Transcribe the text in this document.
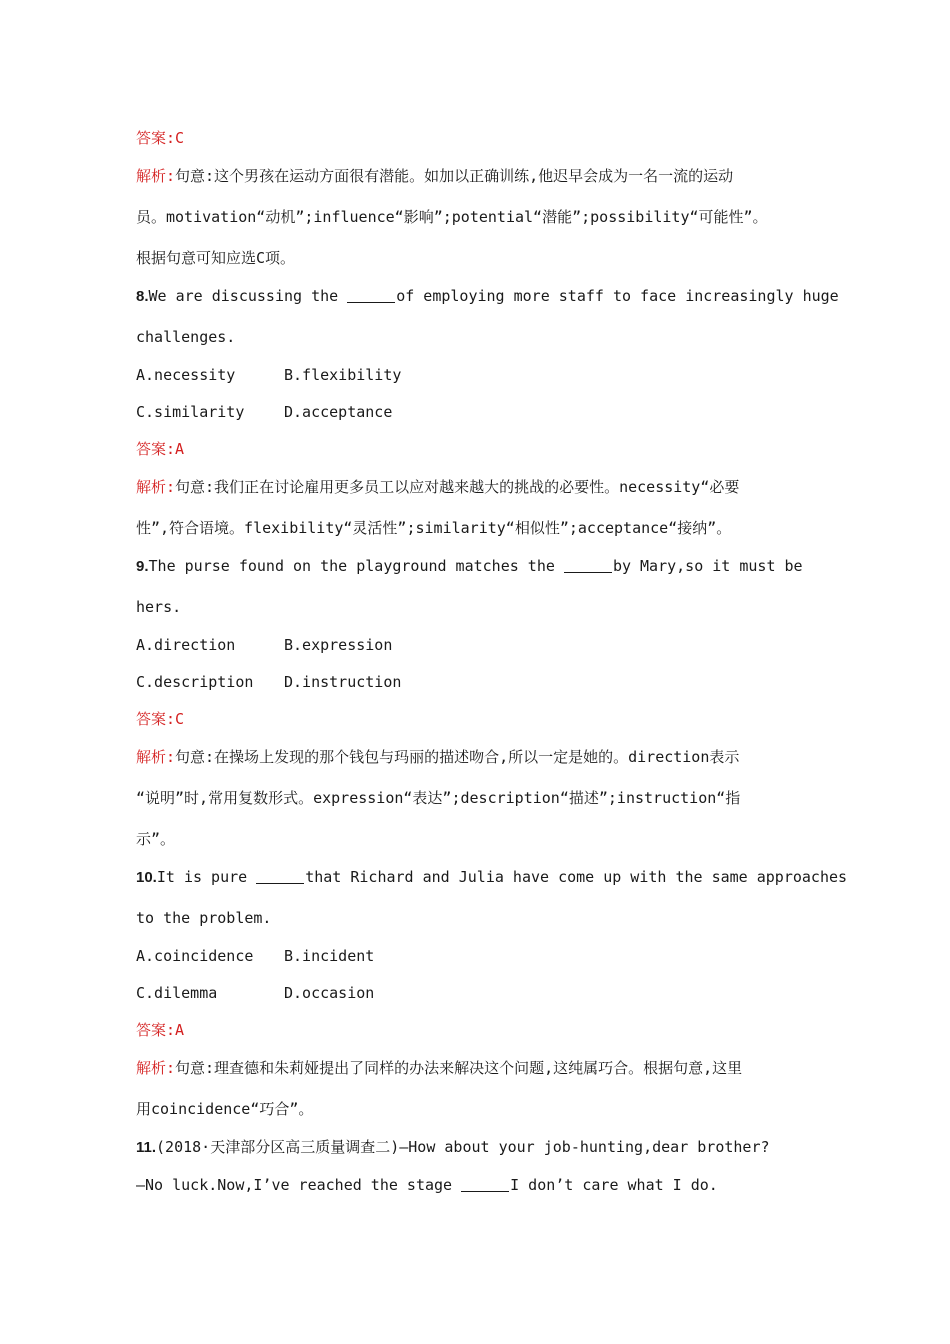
答案:C
解析:句意:这个男孩在运动方面很有潜能。如加以正确训练,他迟早会成为一名一流的运动
员。motivation“动机”;influence“影响”;potential“潜能”;possibility“可能性”。
根据句意可知应选C项。
8.We are discussing the	of employing more staff to face increasingly huge
challenges.
A.necessity	B.flexibility
C.similarity	D.acceptance
答案:A
解析:句意:我们正在讨论雇用更多员工以应对越来越大的挑战的必要性。necessity“必要
性”,符合语境。flexibility“灵活性”;similarity“相似性”;acceptance“接纳”。
9.The purse found on the playground matches the	by Mary,so it must be
hers.
A.direction	B.expression
C.description D.instruction
答案:C
解析:句意:在操场上发现的那个钱包与玛丽的描述吻合,所以一定是她的。direction表示
“说明”时,常用复数形式。expression“表达”;description“描述”;instruction“指
示”。
10.It is pure	that Richard and Julia have come up with the same approaches
to the problem.
A.coincidence B.incident
C.dilemma	D.occasion
答案:A
解析:句意:理查德和朱莉娅提出了同样的办法来解决这个问题,这纯属巧合。根据句意,这里
用coincidence“巧合”。
11.(2018·天津部分区高三质量调查二)—How about your job-hunting,dear brother?
—No luck.Now,I’ve reached the stage	I don’t care what I do.
